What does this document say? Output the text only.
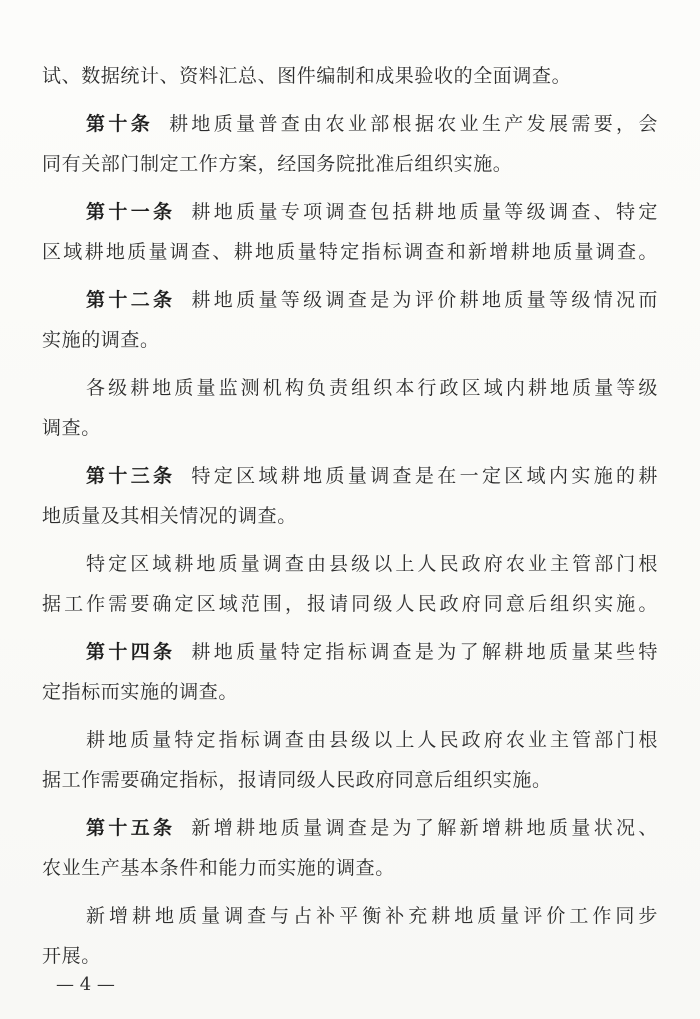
试、数据统计、资料汇总、图件编制和成果验收的全面调查。
第十条 耕地质量普查由农业部根据农业生产发展需要，会
同有关部门制定工作方案，经国务院批准后组织实施。
第十一条 耕地质量专项调查包括耕地质量等级调查、特定
区域耕地质量调查、耕地质量特定指标调查和新增耕地质量调查。
第十二条 耕地质量等级调查是为评价耕地质量等级情况而
实施的调查。
各级耕地质量监测机构负责组织本行政区域内耕地质量等级
调查。
第十三条 特定区域耕地质量调查是在一定区域内实施的耕
地质量及其相关情况的调查。
特定区域耕地质量调查由县级以上人民政府农业主管部门根
据工作需要确定区域范围，报请同级人民政府同意后组织实施。
第十四条 耕地质量特定指标调查是为了解耕地质量某些特
定指标而实施的调查。
耕地质量特定指标调查由县级以上人民政府农业主管部门根
据工作需要确定指标，报请同级人民政府同意后组织实施。
第十五条 新增耕地质量调查是为了解新增耕地质量状况、
农业生产基本条件和能力而实施的调查。
新增耕地质量调查与占补平衡补充耕地质量评价工作同步
开展。
— 4 —
